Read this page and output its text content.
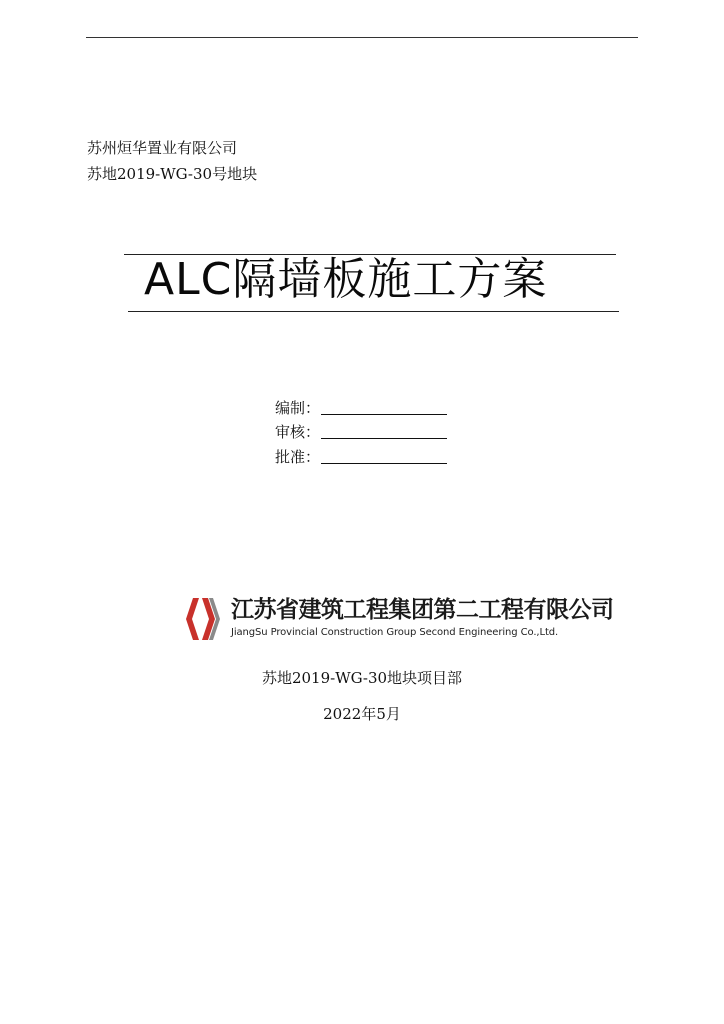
苏州烜华置业有限公司
苏地2019-WG-30号地块
ALC隔墙板施工方案
编制：
审核：
批准：
江苏省建筑工程集团第二工程有限公司
JiangSu Provincial Construction Group Second Engineering Co.,Ltd.
苏地2019-WG-30地块项目部
2022年5月
